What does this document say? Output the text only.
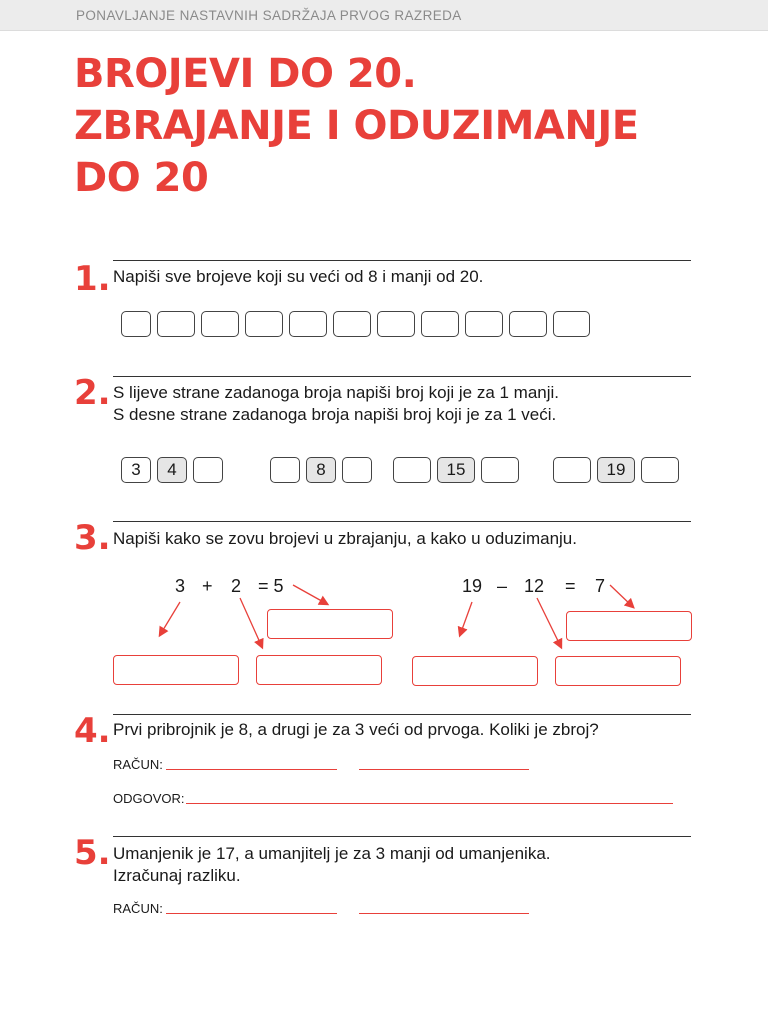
PONAVLJANJE NASTAVNIH SADRŽAJA PRVOG RAZREDA
BROJEVI DO 20.
ZBRAJANJE I ODUZIMANJE
DO 20
1. Napiši sve brojeve koji su veći od 8 i manji od 20.
2. S lijeve strane zadanoga broja napiši broj koji je za 1 manji.
S desne strane zadanoga broja napiši broj koji je za 1 veći.
3	4	8	15	19
3. Napiši kako se zovu brojevi u zbrajanju, a kako u oduzimanju.
3 + 2 = 5	19 – 12 = 7
4. Prvi pribrojnik je 8, a drugi je za 3 veći od prvoga. Koliki je zbroj?
RAČUN:
ODGOVOR:
5. Umanjenik je 17, a umanjitelj je za 3 manji od umanjenika.
Izračunaj razliku.
RAČUN:
